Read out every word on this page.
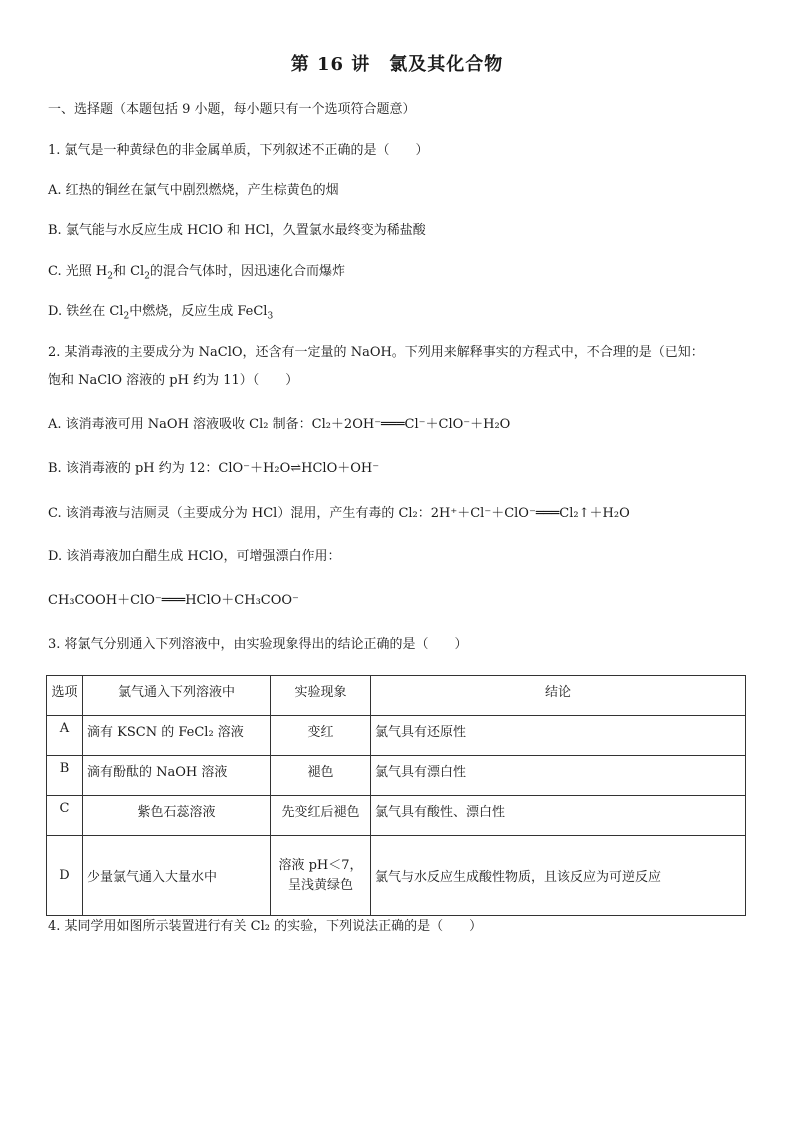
第 16 讲　氯及其化合物
一、选择题（本题包括 9 小题，每小题只有一个选项符合题意）
1. 氯气是一种黄绿色的非金属单质，下列叙述不正确的是（　　）
A. 红热的铜丝在氯气中剧烈燃烧，产生棕黄色的烟
B. 氯气能与水反应生成 HClO 和 HCl，久置氯水最终变为稀盐酸
C. 光照 $H_2$和 $Cl_2$的混合气体时，因迅速化合而爆炸
D. 铁丝在 $Cl_2$中燃烧，反应生成 FeCl$_3$
2. 某消毒液的主要成分为 NaClO，还含有一定量的 NaOH。下列用来解释事实的方程式中，不合理的是（已知：
饱和 NaClO 溶液的 pH 约为 11）（　　）
A. 该消毒液可用 NaOH 溶液吸收 Cl₂ 制备：Cl₂＋2OH⁻═══Cl⁻＋ClO⁻＋H₂O
B. 该消毒液的 pH 约为 12：ClO⁻＋H₂O⇌HClO＋OH⁻
C. 该消毒液与洁厕灵（主要成分为 HCl）混用，产生有毒的 Cl₂：2H⁺＋Cl⁻＋ClO⁻═══Cl₂↑＋H₂O
D. 该消毒液加白醋生成 HClO，可增强漂白作用：
CH₃COOH＋ClO⁻═══HClO＋CH₃COO⁻
3. 将氯气分别通入下列溶液中，由实验现象得出的结论正确的是（　　）
选项	氯气通入下列溶液中	实验现象	结论
A	滴有 KSCN 的 FeCl₂ 溶液	变红	氯气具有还原性
B	滴有酚酞的 NaOH 溶液	褪色	氯气具有漂白性
C	紫色石蕊溶液	先变红后褪色	氯气具有酸性、漂白性
D	少量氯气通入大量水中	溶液 pH＜7，
呈浅黄绿色	氯气与水反应生成酸性物质，且该反应为可逆反应
4. 某同学用如图所示装置进行有关 Cl₂ 的实验，下列说法正确的是（　　）
